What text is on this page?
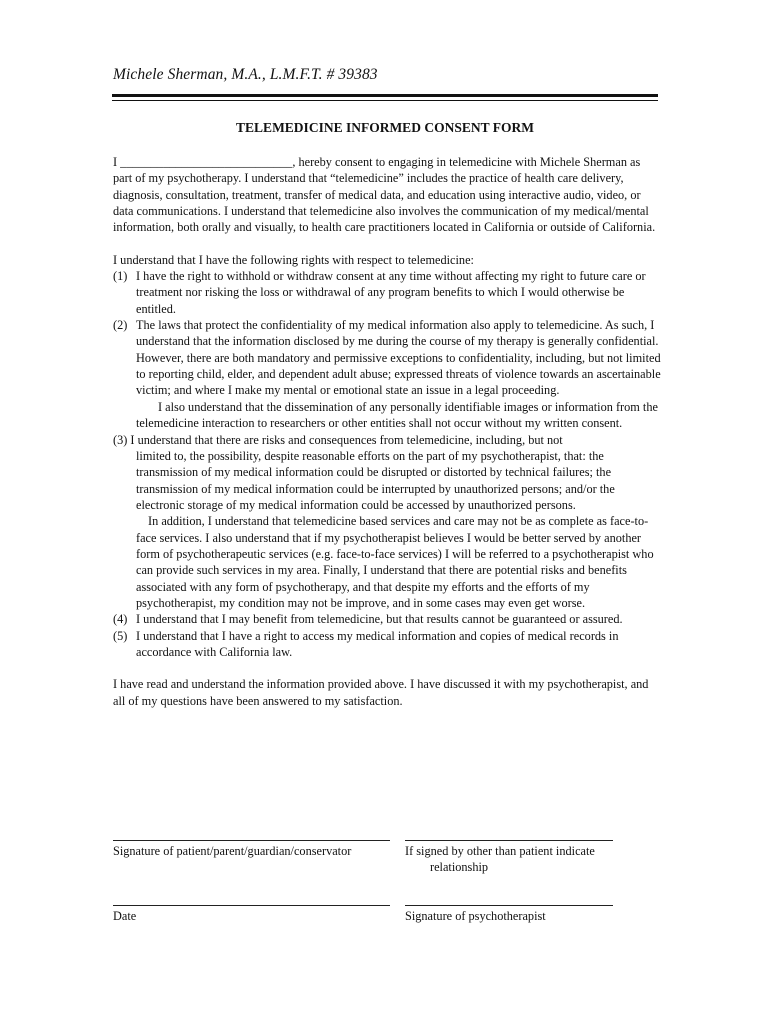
Michele Sherman, M.A., L.M.F.T. # 39383
TELEMEDICINE INFORMED CONSENT FORM

I ____________________________, hereby consent to engaging in telemedicine with Michele Sherman as part of my psychotherapy. I understand that “telemedicine” includes the practice of health care delivery, diagnosis, consultation, treatment, transfer of medical data, and education using interactive audio, video, or data communications. I understand that telemedicine also involves the communication of my medical/mental information, both orally and visually, to health care practitioners located in California or outside of California.

I understand that I have the following rights with respect to telemedicine:

(1) I have the right to withhold or withdraw consent at any time without affecting my right to future care or treatment nor risking the loss or withdrawal of any program benefits to which I would otherwise be entitled.
(2) The laws that protect the confidentiality of my medical information also apply to telemedicine. As such, I understand that the information disclosed by me during the course of my therapy is generally confidential. However, there are both mandatory and permissive exceptions to confidentiality, including, but not limited to reporting child, elder, and dependent adult abuse; expressed threats of violence towards an ascertainable victim; and where I make my mental or emotional state an issue in a legal proceeding.

I also understand that the dissemination of any personally identifiable images or information from the telemedicine interaction to researchers or other entities shall not occur without my written consent.

(3) I understand that there are risks and consequences from telemedicine, including, but not

limited to, the possibility, despite reasonable efforts on the part of my psychotherapist, that: the transmission of my medical information could be disrupted or distorted by technical failures; the transmission of my medical information could be interrupted by unauthorized persons; and/or the electronic storage of my medical information could be accessed by unauthorized persons.

In addition, I understand that telemedicine based services and care may not be as complete as face-to-face services. I also understand that if my psychotherapist believes I would be better served by another form of psychotherapeutic services (e.g. face-to-face services) I will be referred to a psychotherapist who can provide such services in my area. Finally, I understand that there are potential risks and benefits associated with any form of psychotherapy, and that despite my efforts and the efforts of my psychotherapist, my condition may not be improve, and in some cases may even get worse.

(4) I understand that I may benefit from telemedicine, but that results cannot be guaranteed or assured.
(5) I understand that I have a right to access my medical information and copies of medical records in accordance with California law.

I have read and understand the information provided above. I have discussed it with my psychotherapist, and all of my questions have been answered to my satisfaction.

Signature of patient/parent/guardian/conservator	If signed by other than patient indicate
relationship
Date	Signature of psychotherapist
